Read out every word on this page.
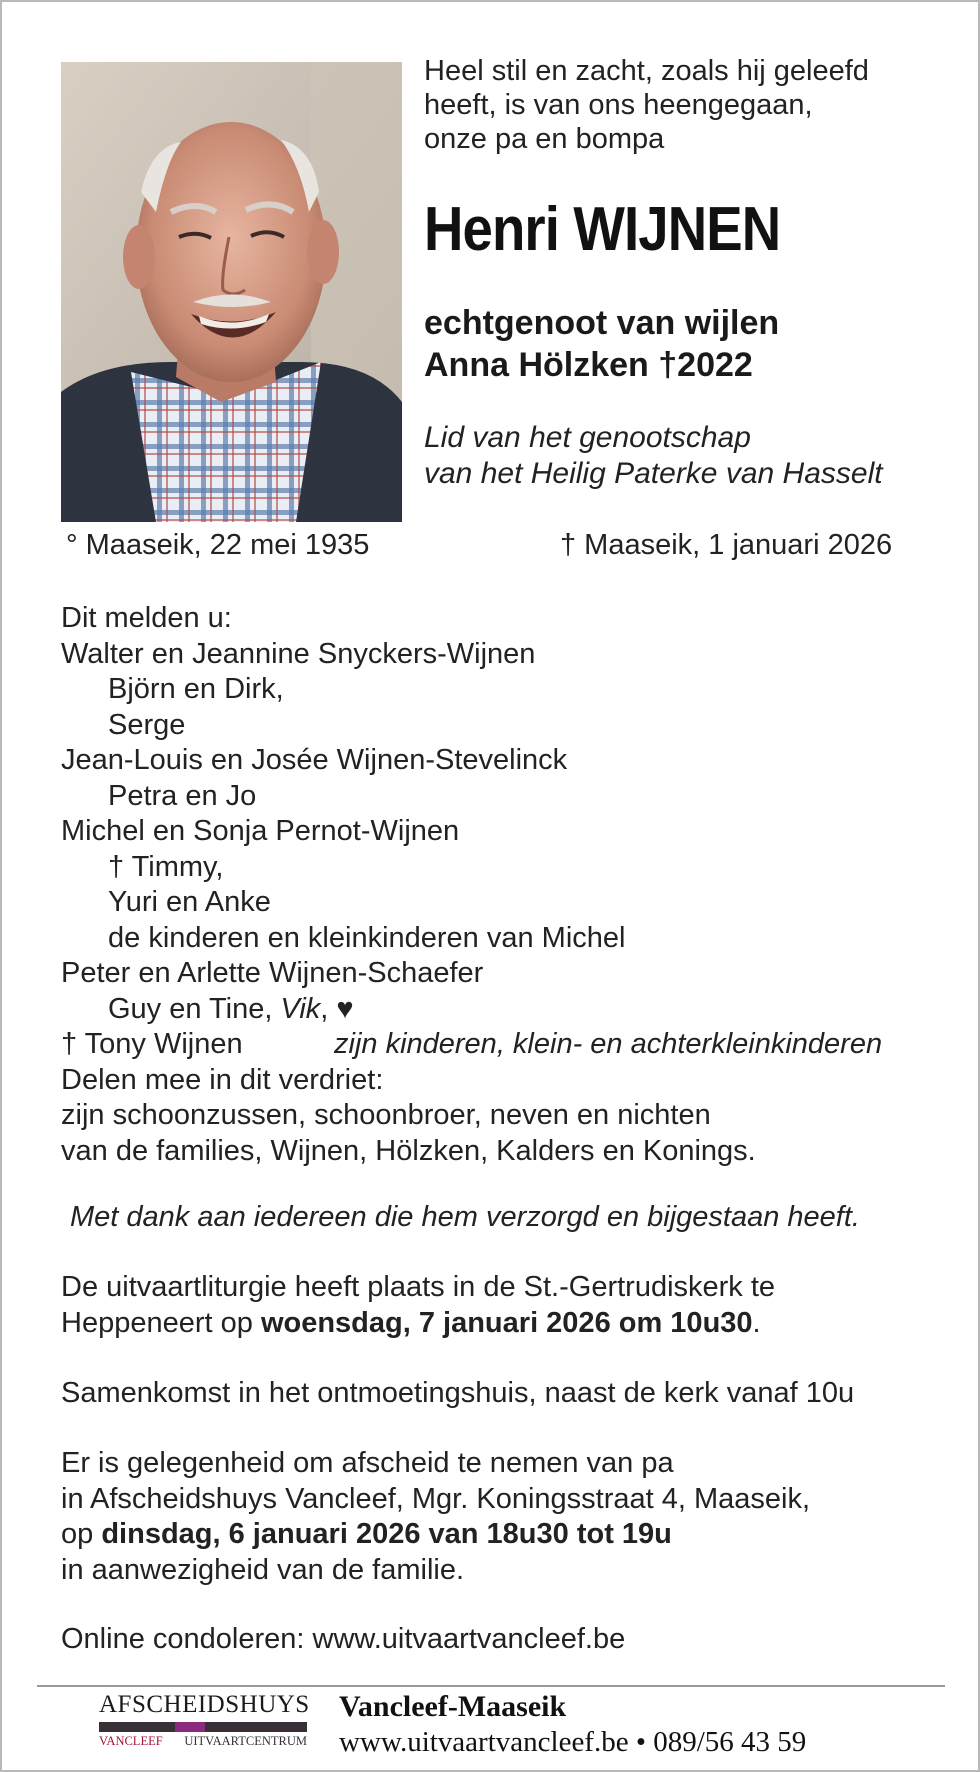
Heel stil en zacht, zoals hij geleefd
heeft, is van ons heengegaan,
onze pa en bompa
Henri WIJNEN
echtgenoot van wijlen
Anna Hölzken †2022
Lid van het genootschap
van het Heilig Paterke van Hasselt
° Maaseik, 22 mei 1935	† Maaseik, 1 januari 2026
Dit melden u:
Walter en Jeannine Snyckers-Wijnen
Björn en Dirk,
Serge
Jean-Louis en Josée Wijnen-Stevelinck
Petra en Jo
Michel en Sonja Pernot-Wijnen
† Timmy,
Yuri en Anke
de kinderen en kleinkinderen van Michel
Peter en Arlette Wijnen-Schaefer
Guy en Tine, Vik, ♥
† Tony Wijnen	zijn kinderen, klein- en achterkleinkinderen
Delen mee in dit verdriet:
zijn schoonzussen, schoonbroer, neven en nichten
van de families, Wijnen, Hölzken, Kalders en Konings.
Met dank aan iedereen die hem verzorgd en bijgestaan heeft.
De uitvaartliturgie heeft plaats in de St.-Gertrudiskerk te
Heppeneert op woensdag, 7 januari 2026 om 10u30.
Samenkomst in het ontmoetingshuis, naast de kerk vanaf 10u
Er is gelegenheid om afscheid te nemen van pa
in Afscheidshuys Vancleef, Mgr. Koningsstraat 4, Maaseik,
op dinsdag, 6 januari 2026 van 18u30 tot 19u
in aanwezigheid van de familie.
Online condoleren: www.uitvaartvancleef.be
AFSCHEIDSHUYS
VANCLEEF UITVAARTCENTRUM
Vancleef-Maaseik
www.uitvaartvancleef.be • 089/56 43 59
